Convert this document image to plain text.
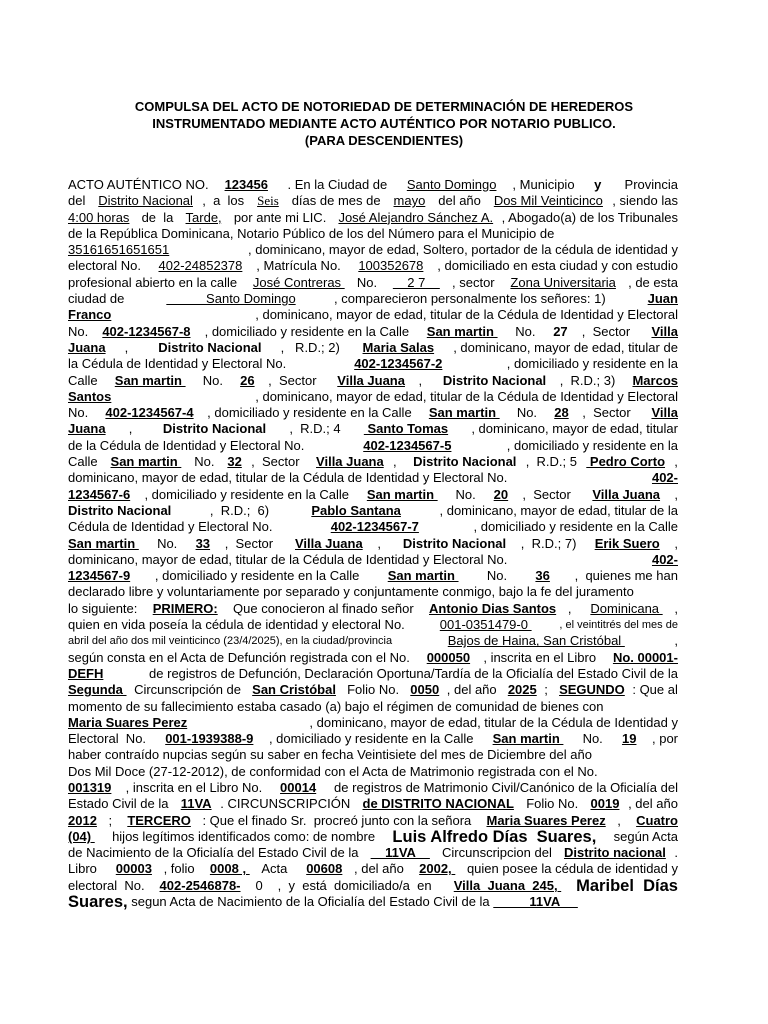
COMPULSA DEL ACTO DE NOTORIEDAD DE DETERMINACIÓN DE HEREDEROS
INSTRUMENTADO MEDIANTE ACTO AUTÉNTICO POR NOTARIO PUBLICO.
(PARA DESCENDIENTES)
ACTO AUTÉNTICO NO. 123456 . En la Ciudad de Santo Domingo , Municipio y Provincia
del Distrito Nacional ,  a  los Seis días de mes de mayo del año Dos Mil Veinticinco , siendo las
4:00 horas de  la Tarde, por ante mi LIC. José Alejandro Sánchez A. , Abogado(a) de los Tribunales
de la República Dominicana, Notario Público de los del Número para el Municipio de
35161651651651	, dominicano, mayor de edad, Soltero, portador de la cédula de identidad y
electoral No. 402-24852378 , Matrícula No. 100352678 , domiciliado en esta ciudad y con estudio
profesional abierto en la calle José Contreras No. 2 7 , sector Zona Universitaria , de esta
ciudad de	Santo Domingo	, comparecieron personalmente los señores: 1)	Juan
Franco	, dominicano, mayor de edad, titular de la Cédula de Identidad y Electoral
No. 402-1234567-8 , domiciliado y residente en la Calle San martin No. 27 ,  Sector Villa
Juana , Distrito Nacional ,   R.D.; 2) Maria Salas , dominicano, mayor de edad, titular de
la Cédula de Identidad y Electoral No.	402-1234567-2	, domiciliado y residente en la
Calle San martin No. 26 ,  Sector Villa Juana , Distrito Nacional ,  R.D.; 3) Marcos
Santos	, dominicano, mayor de edad, titular de la Cédula de Identidad y Electoral
No. 402-1234567-4 , domiciliado y residente en la Calle San martin No. 28 ,  Sector Villa
Juana , Distrito Nacional ,  R.D.; 4 Santo Tomas , dominicano, mayor de edad, titular
de la Cédula de Identidad y Electoral No.	402-1234567-5	, domiciliado y residente en la
Calle San martin No. 32 ,  Sector Villa Juana , Distrito Nacional ,  R.D.; 5 Pedro Corto ,
dominicano, mayor de edad, titular de la Cédula de Identidad y Electoral No.	402-
1234567-6 , domiciliado y residente en la Calle San martin No. 20 ,  Sector Villa Juana ,
Distrito Nacional	,  R.D.;  6)	Pablo Santana	, dominicano, mayor de edad, titular de la
Cédula de Identidad y Electoral No.	402-1234567-7	, domiciliado y residente en la Calle
San martin No. 33 ,  Sector Villa Juana , Distrito Nacional ,  R.D.; 7) Erik Suero ,
dominicano, mayor de edad, titular de la Cédula de Identidad y Electoral No.	402-
1234567-9 , domiciliado y residente en la Calle San martin No. 36 ,  quienes me han
declarado libre y voluntariamente por separado y conjuntamente conmigo, bajo la fe del juramento
lo siguiente: PRIMERO: Que conocieron al finado señor Antonio Dias Santos , Dominicana ,
quien en vida poseía la cédula de identidad y electoral No. 001-0351479-0	, el veintitrés del mes de
abril del año dos mil veinticinco (23/4/2025), en la ciudad/provincia	Bajos de Haina, San Cristóbal	,
según consta en el Acta de Defunción registrada con el No. 000050 , inscrita en el Libro No. 00001-
DEFH	de registros de Defunción, Declaración Oportuna/Tardía de la Oficialía del Estado Civil de la
Segunda Circunscripción de San Cristóbal Folio No. 0050 , del año 2025 ; SEGUNDO : Que al
momento de su fallecimiento estaba casado (a) bajo el régimen de comunidad de bienes con
Maria Suares Perez	, dominicano, mayor de edad, titular de la Cédula de Identidad y
Electoral  No. 001-1939388-9 , domiciliado y residente en la Calle San martin No. 19 , por
haber contraído nupcias según su saber en fecha Veintisiete del mes de Diciembre del año
Dos Mil Doce (27-12-2012), de conformidad con el Acta de Matrimonio registrada con el No.
001319 , inscrita en el Libro No. 00014 de registros de Matrimonio Civil/Canónico de la Oficialía del
Estado Civil de la 11VA . CIRCUNSCRIPCIÓN de DISTRITO NACIONAL Folio No. 0019 , del año
2012 ; TERCERO : Que el finado Sr.  procreó junto con la señora Maria Suares Perez , Cuatro
(04) hijos legítimos identificados como: de nombre Luis Alfredo Días  Suares, según Acta
de Nacimiento de la Oficialía del Estado Civil de la 11VA Circunscripcion del Distrito nacional .
Libro 00003 , folio 0008 , Acta 00608 , del año 2002, quien posee la cédula de identidad y
electoral  No. 402-2546878- 0 ,  y  está  domiciliado/a  en Villa  Juana  245, Maribel  Días
Suares, segun Acta de Nacimiento de la Oficialía del Estado Civil de la 11VA
